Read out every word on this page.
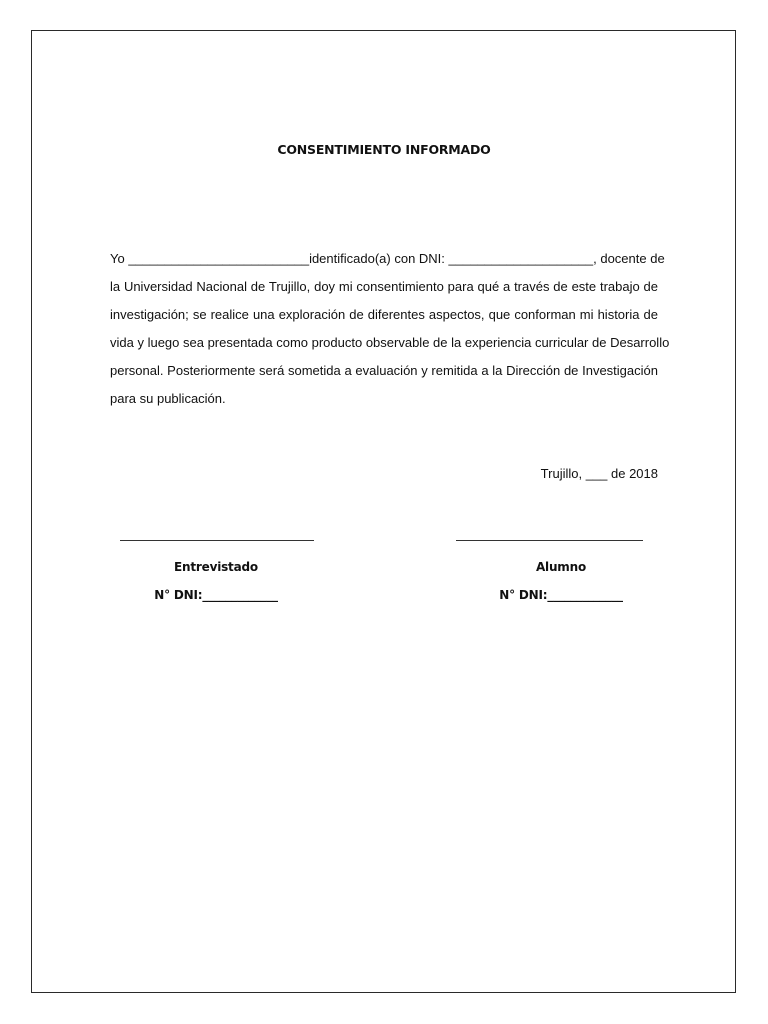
CONSENTIMIENTO INFORMADO
Yo _________________________identificado(a) con DNI: ____________________, docente de
la Universidad Nacional de Trujillo, doy mi consentimiento para qué a través de este trabajo de
investigación; se realice una exploración de diferentes aspectos, que conforman mi historia de
vida y luego sea presentada como producto observable de la experiencia curricular de Desarrollo
personal. Posteriormente será sometida a evaluación y remitida a la Dirección de Investigación
para su publicación.
Trujillo, ___ de 2018
Entrevistado
N° DNI:_____________
Alumno
N° DNI:_____________
